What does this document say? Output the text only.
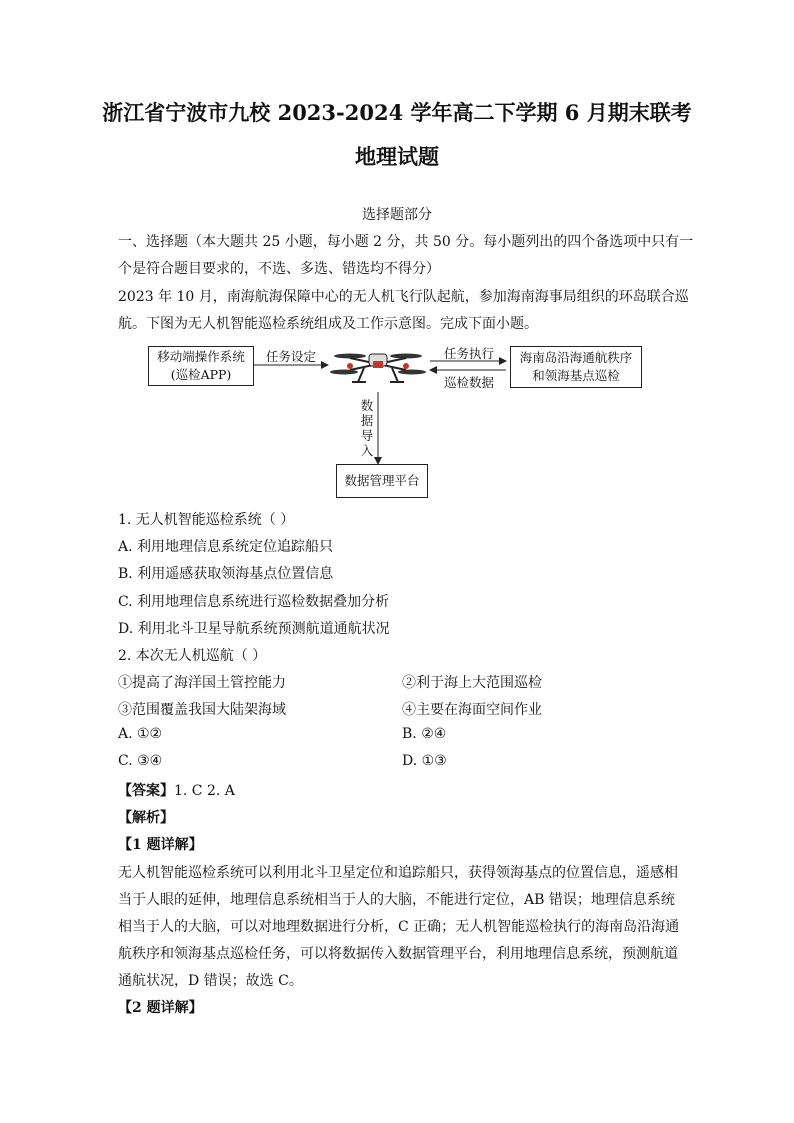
浙江省宁波市九校 2023-2024 学年高二下学期 6 月期末联考
地理试题
选择题部分
一、选择题（本大题共 25 小题，每小题 2 分，共 50 分。每小题列出的四个备选项中只有一
个是符合题目要求的，不选、多选、错选均不得分）
2023 年 10 月，南海航海保障中心的无人机飞行队起航，参加海南海事局组织的环岛联合巡
航。下图为无人机智能巡检系统组成及工作示意图。完成下面小题。
移动端操作系统
(巡检APP)
任务设定	任务执行
巡检数据
海南岛沿海通航秩序
和领海基点巡检
数据导入
数据管理平台
1. 无人机智能巡检系统（ ）
A. 利用地理信息系统定位追踪船只
B. 利用遥感获取领海基点位置信息
C. 利用地理信息系统进行巡检数据叠加分析
D. 利用北斗卫星导航系统预测航道通航状况
2. 本次无人机巡航（ ）
①提高了海洋国土管控能力	②利于海上大范围巡检
③范围覆盖我国大陆架海域	④主要在海面空间作业
A. ①②	B. ②④
C. ③④	D. ①③
【答案】1. C 2. A
【解析】
【1 题详解】
无人机智能巡检系统可以利用北斗卫星定位和追踪船只，获得领海基点的位置信息，遥感相
当于人眼的延伸，地理信息系统相当于人的大脑，不能进行定位，AB 错误；地理信息系统
相当于人的大脑，可以对地理数据进行分析，C 正确；无人机智能巡检执行的海南岛沿海通
航秩序和领海基点巡检任务，可以将数据传入数据管理平台，利用地理信息系统，预测航道
通航状况，D 错误；故选 C。
【2 题详解】
